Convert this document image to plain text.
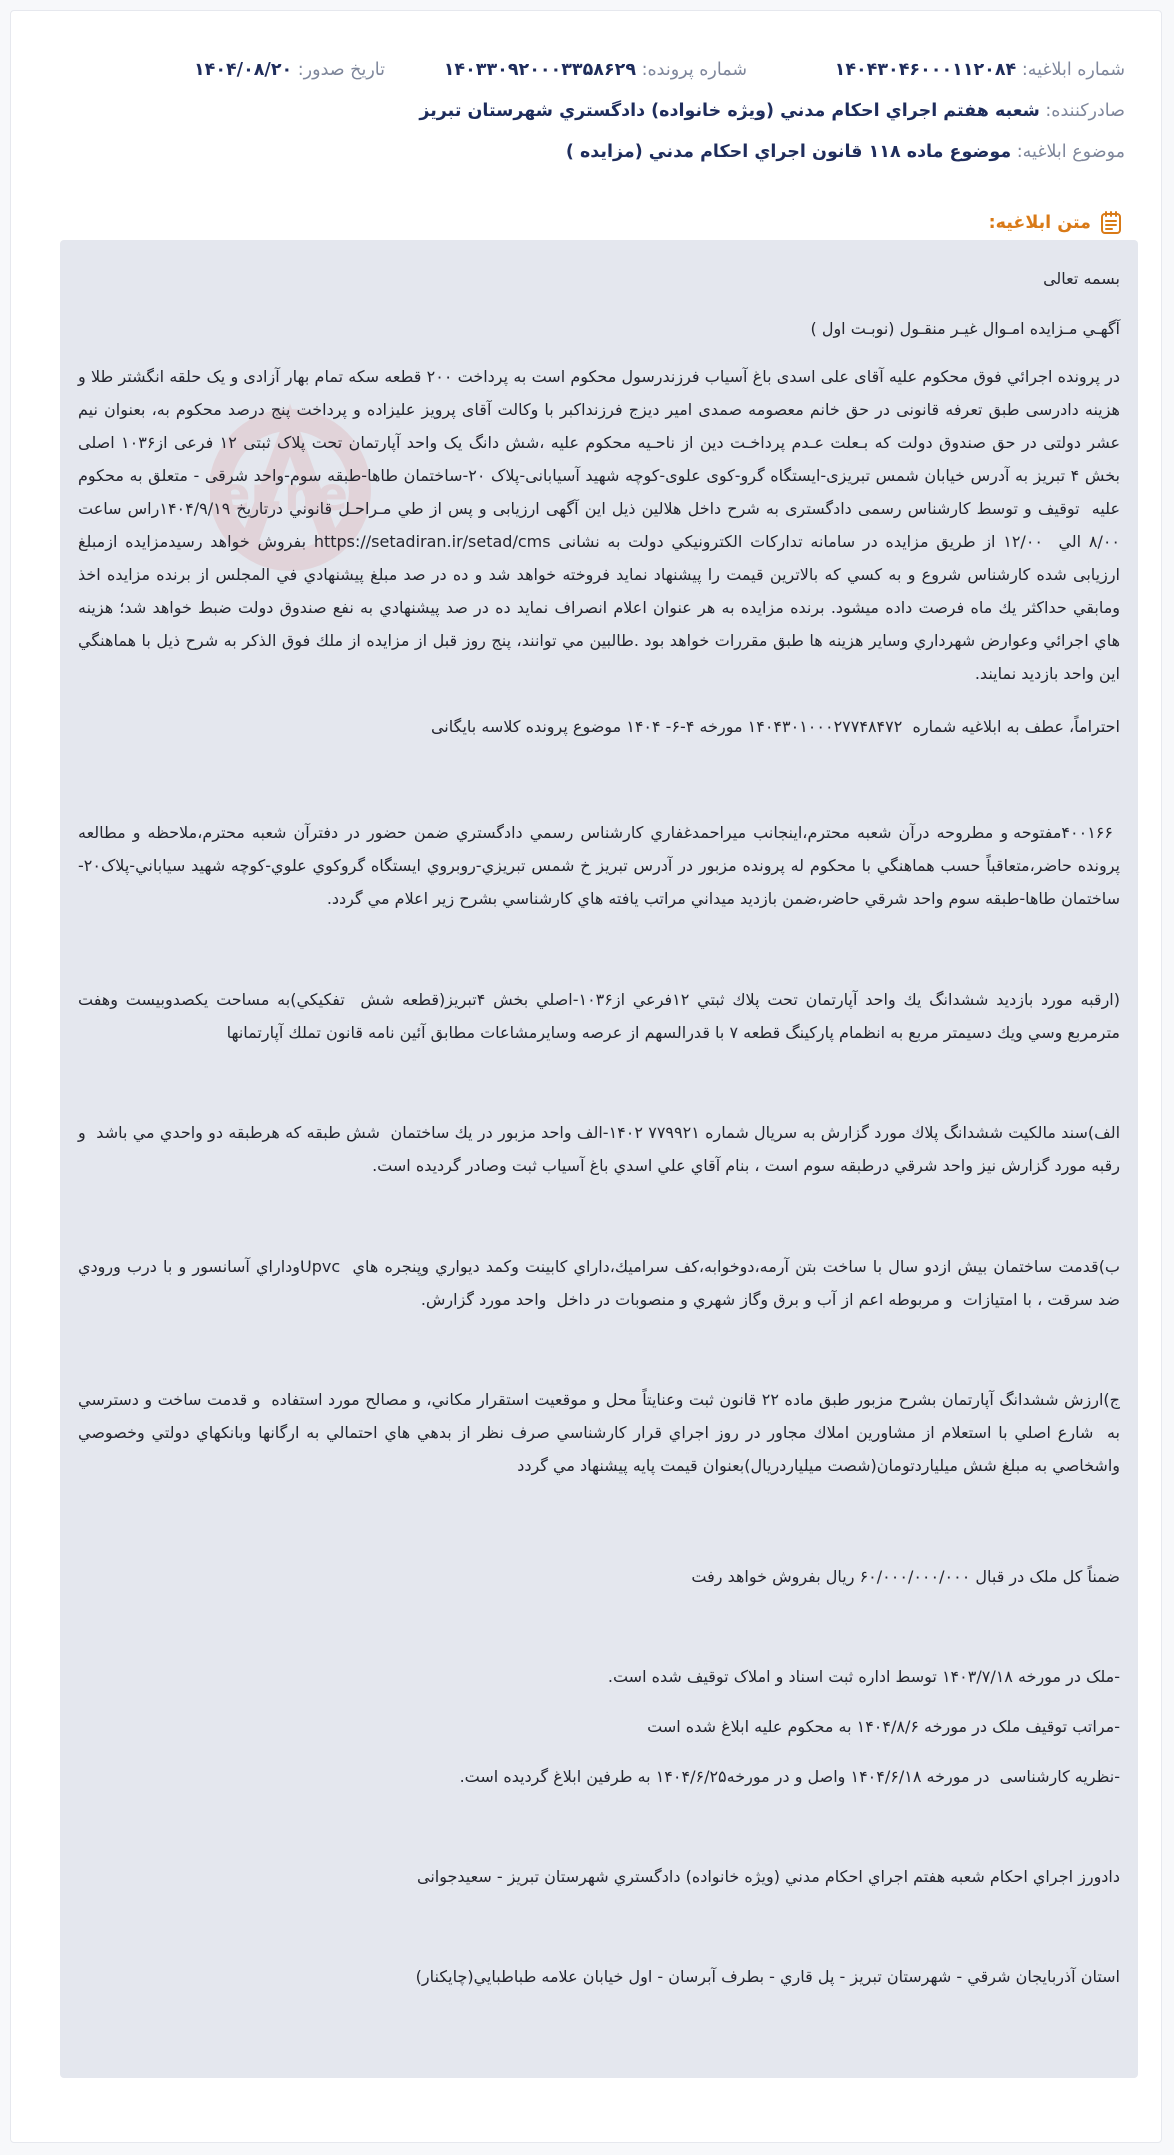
شماره ابلاغیه: ۱۴۰۴۳۰۴۶۰۰۰۱۱۲۰۸۴
شماره پرونده: ۱۴۰۳۳۰۹۲۰۰۰۳۳۵۸۶۲۹
تاریخ صدور: ۱۴۰۴/۰۸/۲۰
صادرکننده: شعبه هفتم اجراي احکام مدني (ويژه خانواده) دادگستري شهرستان تبريز
موضوع ابلاغیه: موضوع ماده ۱۱۸ قانون اجراي احکام مدني (مزايده )
متن ابلاغیه:
er.net
بسمه تعالی
آگهـي مـزايده امـوال غيـر منقـول (نوبـت اول )
در پرونده اجرائي فوق محکوم علیه آقای علی اسدی باغ آسیاب فرزندرسول محکوم است به پرداخت ۲۰۰ قطعه سکه تمام بهار آزادی و یک حلقه انگشتر طلا و هزینه دادرسی طبق تعرفه قانونی در حق خانم معصومه صمدی امیر دیزج فرزنداکبر با وکالت آقای پرویز علیزاده و پرداخت پنج درصد محکوم به، بعنوان نیم عشر دولتی در حق صندوق دولت که بـعلت عـدم پرداخـت دین از ناحـیه محکوم علیه ،شش دانگ یک واحد آپارتمان تحت پلاک ثبتی ۱۲ فرعی از۱۰۳۶ اصلی بخش ۴ تبریز به آدرس خیابان شمس تبریزی-ایستگاه گرو-کوی علوی-کوچه شهید آسیابانی-پلاک ۲۰-ساختمان طاها-طبقه سوم-واحد شرقی - متعلق به محکوم علیه  توقیف و توسط کارشناس رسمی دادگستری به شرح داخل هلالین ذیل این آگهی ارزیابی و پس از طي مـراحـل قانوني درتاريخ ۱۴۰۴/۹/۱۹راس ساعت ۸/۰۰ الي  ۱۲/۰۰ از طريق مزايده در سامانه تداركات الكترونيكي دولت به نشانی https://setadiran.ir/setad/cms بفروش خواهد رسيدمزایده ازمبلغ ارزیابی شده کارشناس شروع و به كسي كه بالاترين قيمت را پيشنهاد نمايد فروخته خواهد شد و ده در صد مبلغ پيشنهادي في المجلس از برنده مزايده اخذ ومابقي حداكثر يك ماه فرصت داده ميشود. برنده مزايده به هر عنوان اعلام انصراف نمايد ده در صد پيشنهادي به نفع صندوق دولت ضبط خواهد شد؛ هزینه هاي اجرائي وعوارض شهرداري وساير هزينه ها طبق مقررات خواهد بود .طالبين مي توانند، پنج روز قبل از مزايده از ملك فوق الذكر به شرح ذيل با هماهنگي اين واحد بازديد نمايند.
احتراماً، عطف به ابلاغیه شماره  ۱۴۰۴۳۰۱۰۰۰۲۷۷۴۸۴۷۲ مورخه ۴-۶- ۱۴۰۴ موضوع پرونده کلاسه بایگانی
۴۰۰۱۶۶مفتوحه و مطروحه درآن شعبه محترم،اينجانب ميراحمدغفاري کارشناس رسمي دادگستري ضمن حضور در دفترآن شعبه محترم،ملاحظه و مطالعه پرونده حاضر،متعاقباً حسب هماهنگي با محکوم له پرونده مزبور در آدرس تبريز خ شمس تبريزي-روبروي ايستگاه گروکوي علوي-کوچه شهيد سياباني-پلاک۲۰-ساختمان طاها-طبقه سوم واحد شرقي حاضر،ضمن بازديد ميداني مراتب يافته هاي کارشناسي بشرح زير اعلام مي گردد.
(ارقبه مورد بازديد ششدانگ يك واحد آپارتمان تحت پلاك ثبتي ۱۲فرعي از۱۰۳۶-اصلي بخش ۴تبريز(قطعه شش  تفكيكي)به مساحت يكصدوبيست وهفت مترمربع وسي ويك دسيمتر مربع به انظمام پاركينگ قطعه ۷ با قدرالسهم از عرصه وسايرمشاعات مطابق آئين نامه قانون تملك آپارتمانها
الف)سند مالكيت ششدانگ پلاك مورد گزارش به سريال شماره ۷۷۹۹۲۱ ۱۴۰۲-الف واحد مزبور در يك ساختمان  شش طبقه كه هرطبقه دو واحدي مي باشد  و رقبه مورد گزارش نيز واحد شرقي درطبقه سوم است ، بنام آقاي علي اسدي باغ آسياب ثبت وصادر گرديده است.
ب)قدمت ساختمان بيش ازدو سال با ساخت بتن آرمه،دوخوابه،كف سراميك،داراي كابينت وكمد ديواري وپنجره هاي  Upvcوداراي آسانسور و با درب ورودي ضد سرقت ، با امتيازات  و مربوطه اعم از آب و برق وگاز شهري و منصوبات در داخل  واحد مورد گزارش.
ج)ارزش ششدانگ آپارتمان بشرح مزبور طبق ماده ۲۲ قانون ثبت وعنايتاً محل و موقعيت استقرار مكاني، و مصالح مورد استفاده  و قدمت ساخت و دسترسي به  شارع اصلي با استعلام از مشاورين املاك مجاور در روز اجراي قرار كارشناسي صرف نظر از بدهي هاي احتمالي به ارگانها وبانكهاي دولتي وخصوصي واشخاصي به مبلغ شش ميلياردتومان(شصت ميلياردريال)بعنوان قيمت پايه پيشنهاد مي گردد
ضمناً کل ملک در قبال ۶۰/۰۰۰/۰۰۰/۰۰۰ ریال بفروش خواهد رفت
-ملک در مورخه ۱۴۰۳/۷/۱۸ توسط اداره ثبت اسناد و املاک توقیف شده است.
-مراتب توقیف ملک در مورخه ۱۴۰۴/۸/۶ به محکوم علیه ابلاغ شده است
-نظریه کارشناسی  در مورخه ۱۴۰۴/۶/۱۸ واصل و در مورخه۱۴۰۴/۶/۲۵ به طرفین ابلاغ گردیده است.
دادورز اجراي احکام شعبه هفتم اجراي احکام مدني (ويژه خانواده) دادگستري شهرستان تبريز - سعیدجوانی
استان آذربايجان شرقي - شهرستان تبريز - پل قاري - بطرف آبرسان - اول خيابان علامه طباطبايي(چايكنار)
